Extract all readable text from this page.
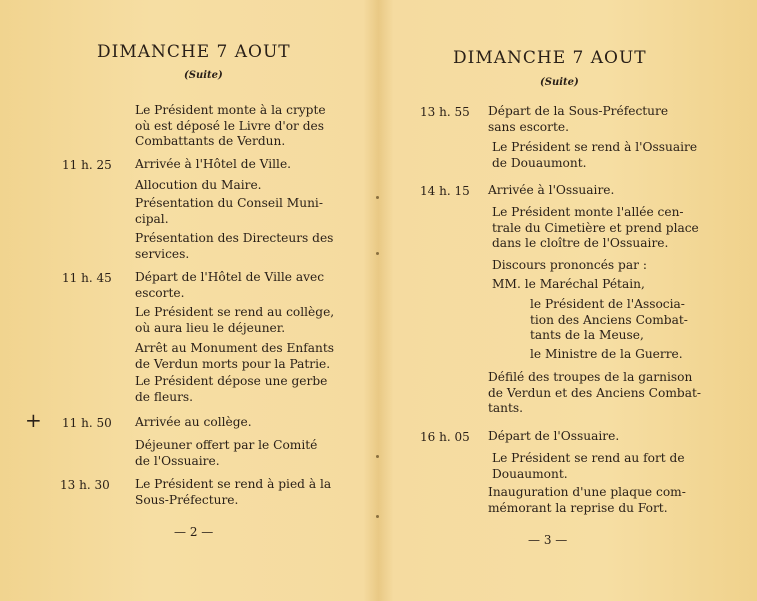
DIMANCHE 7 AOUT
(Suite)
Le Président monte à la crypte
où est déposé le Livre d'or des
Combattants de Verdun.
11 h. 25 Arrivée à l'Hôtel de Ville.
Allocution du Maire.
Présentation du Conseil Muni-
cipal.
Présentation des Directeurs des
services.
11 h. 45 Départ de l'Hôtel de Ville avec
escorte.
Le Président se rend au collège,
où aura lieu le déjeuner.
Arrêt au Monument des Enfants
de Verdun morts pour la Patrie.
Le Président dépose une gerbe
de fleurs.
+ 11 h. 50 Arrivée au collège.
Déjeuner offert par le Comité
de l'Ossuaire.
13 h. 30 Le Président se rend à pied à la
Sous-Préfecture.
— 2 —
DIMANCHE 7 AOUT
(Suite)
13 h. 55 Départ de la Sous-Préfecture
sans escorte.
Le Président se rend à l'Ossuaire
de Douaumont.
14 h. 15 Arrivée à l'Ossuaire.
Le Président monte l'allée cen-
trale du Cimetière et prend place
dans le cloître de l'Ossuaire.
Discours prononcés par :
MM. le Maréchal Pétain,
le Président de l'Associa-
tion des Anciens Combat-
tants de la Meuse,
le Ministre de la Guerre.
Défilé des troupes de la garnison
de Verdun et des Anciens Combat-
tants.
16 h. 05 Départ de l'Ossuaire.
Le Président se rend au fort de
Douaumont.
Inauguration d'une plaque com-
mémorant la reprise du Fort.
— 3 —
